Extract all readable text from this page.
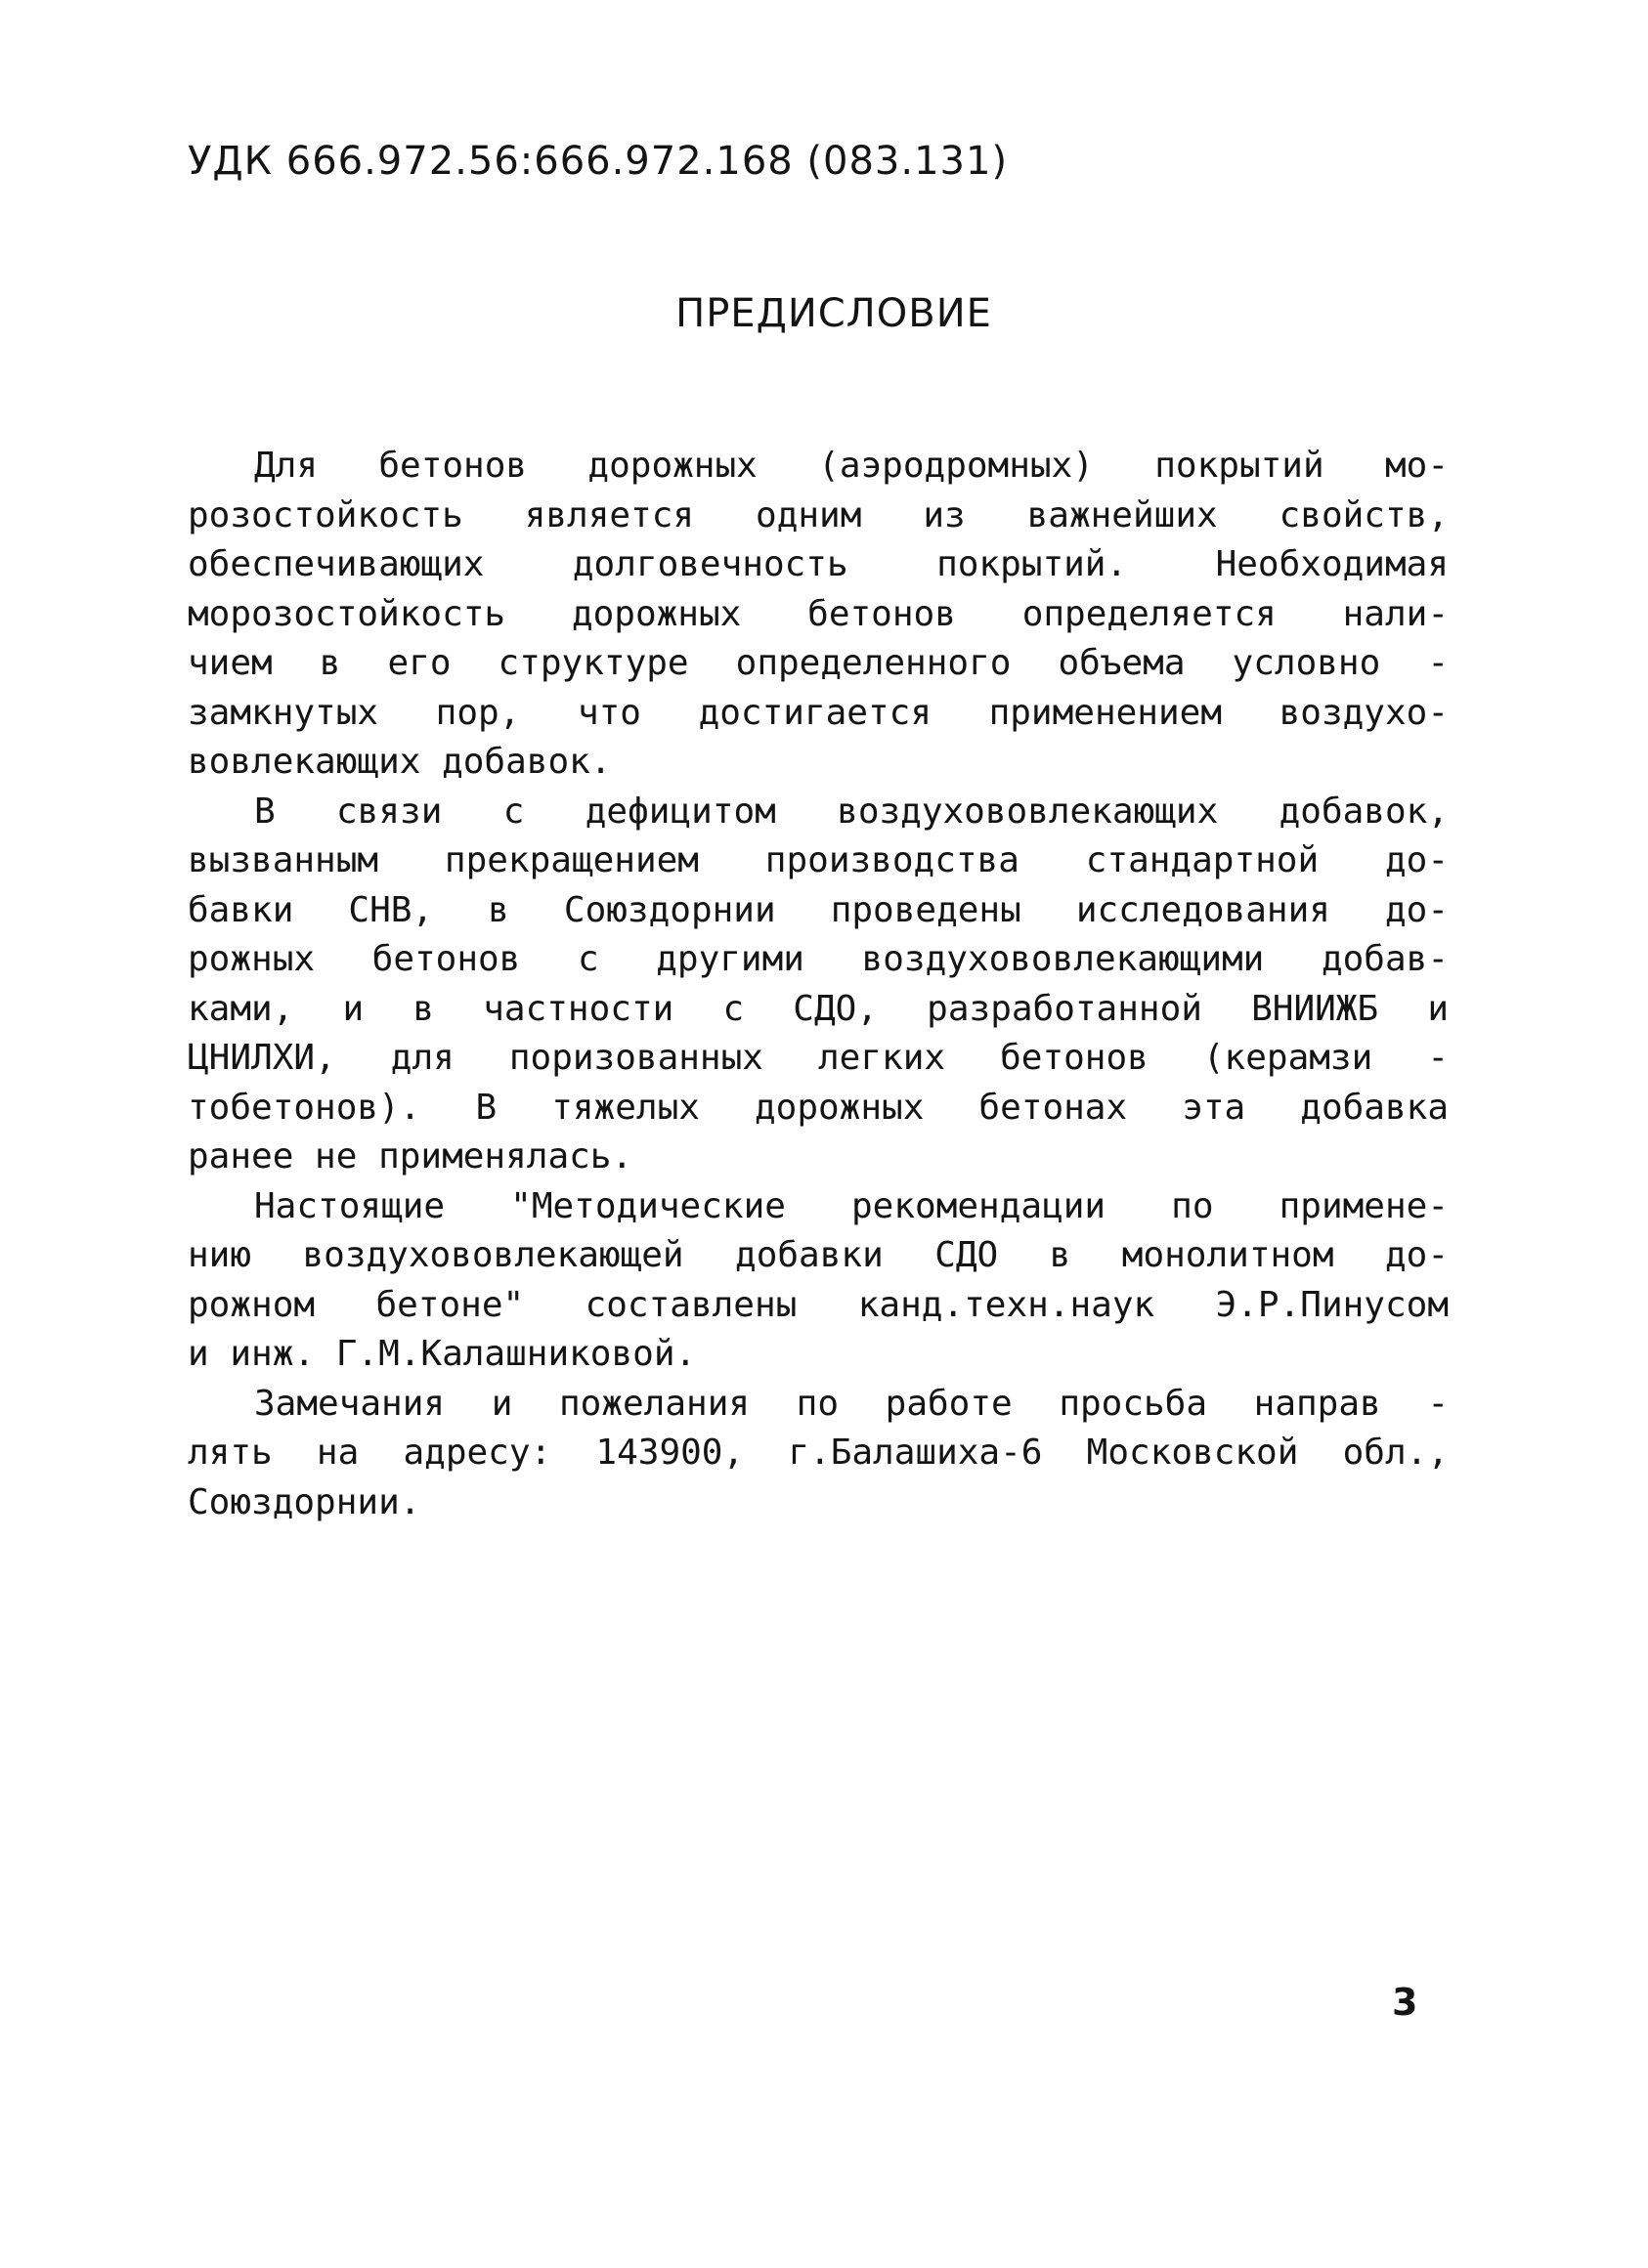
УДК 666.972.56:666.972.168 (083.131)
ПРЕДИСЛОВИЕ
Для бетонов дорожных (аэродромных) покрытий мо-
розостойкость является одним из важнейших свойств,
обеспечивающих долговечность покрытий. Необходимая
морозостойкость дорожных бетонов определяется нали-
чием в его структуре определенного объема условно -
замкнутых пор, что достигается применением воздухо-
вовлекающих добавок.
В связи с дефицитом воздухововлекающих добавок,
вызванным прекращением производства стандартной до-
бавки СНВ, в Союздорнии проведены исследования до-
рожных бетонов с другими воздухововлекающими добав-
ками, и в частности с СДО, разработанной ВНИИЖБ и
ЦНИЛХИ, для поризованных легких бетонов (керамзи -
тобетонов). В тяжелых дорожных бетонах эта добавка
ранее не применялась.
Настоящие "Методические рекомендации по примене-
нию воздухововлекающей добавки СДО в монолитном до-
рожном бетоне" составлены канд.техн.наук Э.Р.Пинусом
и инж. Г.М.Калашниковой.
Замечания и пожелания по работе просьба направ -
лять на адресу: 143900, г.Балашиха-6 Московской обл.,
Союздорнии.
3
